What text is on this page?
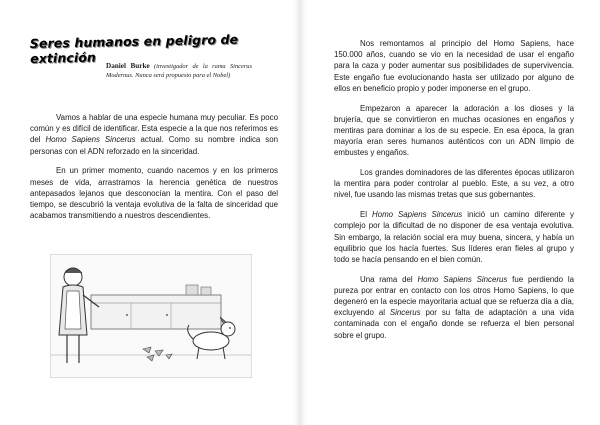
Seres humanos en peligro de extinción
Daniel Burke (investigador de la rama Sincerus Modernus. Nunca será propuesto para el Nobel)

Vamos a hablar de una especie humana muy peculiar. Es poco común y es difícil de identificar. Esta especie a la que nos referimos es del Homo Sapiens Sincerus actual. Como su nombre indica son personas con el ADN reforzado en la sinceridad.

En un primer momento, cuando nacemos y en los primeros meses de vida, arrastramos la herencia genética de nuestros antepasados lejanos que desconocían la mentira. Con el paso del tiempo, se descubrió la ventaja evolutiva de la falta de sinceridad que acabamos transmitiendo a nuestros descendientes.

Nos remontamos al principio del Homo Sapiens, hace 150.000 años, cuando se vio en la necesidad de usar el engaño para la caza y poder aumentar sus posibilidades de supervivencia. Este engaño fue evolucionando hasta ser utilizado por alguno de ellos en beneficio propio y poder imponerse en el grupo.

Empezaron a aparecer la adoración a los dioses y la brujería, que se convirtieron en muchas ocasiones en engaños y mentiras para dominar a los de su especie. En esa época, la gran mayoría eran seres humanos auténticos con un ADN limpio de embustes y engaños.

Los grandes dominadores de las diferentes épocas utilizaron la mentira para poder controlar al pueblo. Este, a su vez, a otro nivel, fue usando las mismas tretas que sus gobernantes.

El Homo Sapiens Sincerus inició un camino diferente y complejo por la dificultad de no disponer de esa ventaja evolutiva. Sin embargo, la relación social era muy buena, sincera, y había un equilibrio que los hacía fuertes. Sus líderes eran fieles al grupo y todo se hacía pensando en el bien común.

Una rama del Homo Sapiens Sincerus fue perdiendo la pureza por entrar en contacto con los otros Homo Sapiens, lo que degeneró en la especie mayoritaria actual que se refuerza día a día, excluyendo al Sincerus por su falta de adaptación a una vida contaminada con el engaño donde se refuerza el bien personal sobre el grupo.
